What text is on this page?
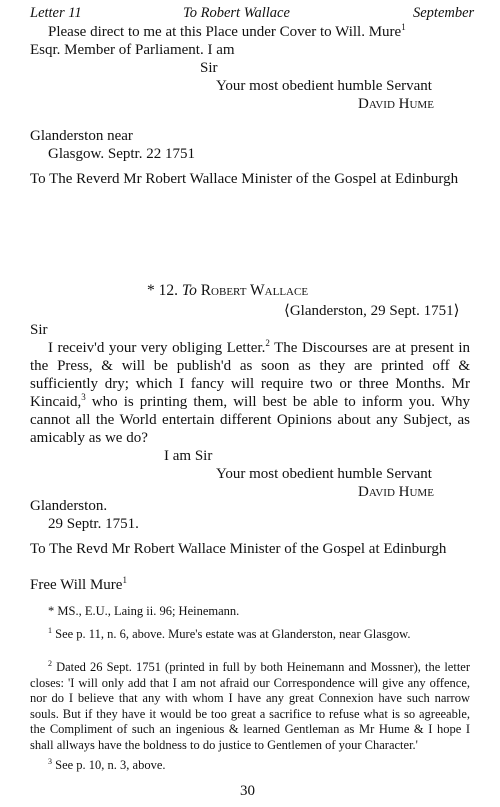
Letter 11	To Robert Wallace	September
Please direct to me at this Place under Cover to Will. Mure$^1$
Esqr. Member of Parliament. I am
Sir
Your most obedient humble Servant
David Hume
Glanderston near
Glasgow. Septr. 22 1751
To The Reverd Mr Robert Wallace Minister of the Gospel at Edinburgh
* 12. To Robert Wallace
⟨Glanderston, 29 Sept. 1751⟩
Sir
I receiv'd your very obliging Letter.$^2$ The Discourses are at present in the Press, & will be publish'd as soon as they are printed off & sufficiently dry; which I fancy will require two or three Months. Mr Kincaid,$^3$ who is printing them, will best be able to inform you. Why cannot all the World entertain different Opinions about any Subject, as amicably as we do?
I am Sir
Your most obedient humble Servant
David Hume
Glanderston.
29 Septr. 1751.
To The Revd Mr Robert Wallace Minister of the Gospel at Edinburgh
Free Will Mure$^1$
* MS., E.U., Laing ii. 96; Heinemann.
$^1$ See p. 11, n. 6, above. Mure's estate was at Glanderston, near Glasgow.
$^2$ Dated 26 Sept. 1751 (printed in full by both Heinemann and Mossner), the letter closes: 'I will only add that I am not afraid our Correspondence will give any offence, nor do I believe that any with whom I have any great Connexion have such narrow souls. But if they have it would be too great a sacrifice to refuse what is so agreeable, the Compliment of such an ingenious & learned Gentleman as Mr Hume & I hope I shall allways have the boldness to do justice to Gentlemen of your Character.'
$^3$ See p. 10, n. 3, above.
30
